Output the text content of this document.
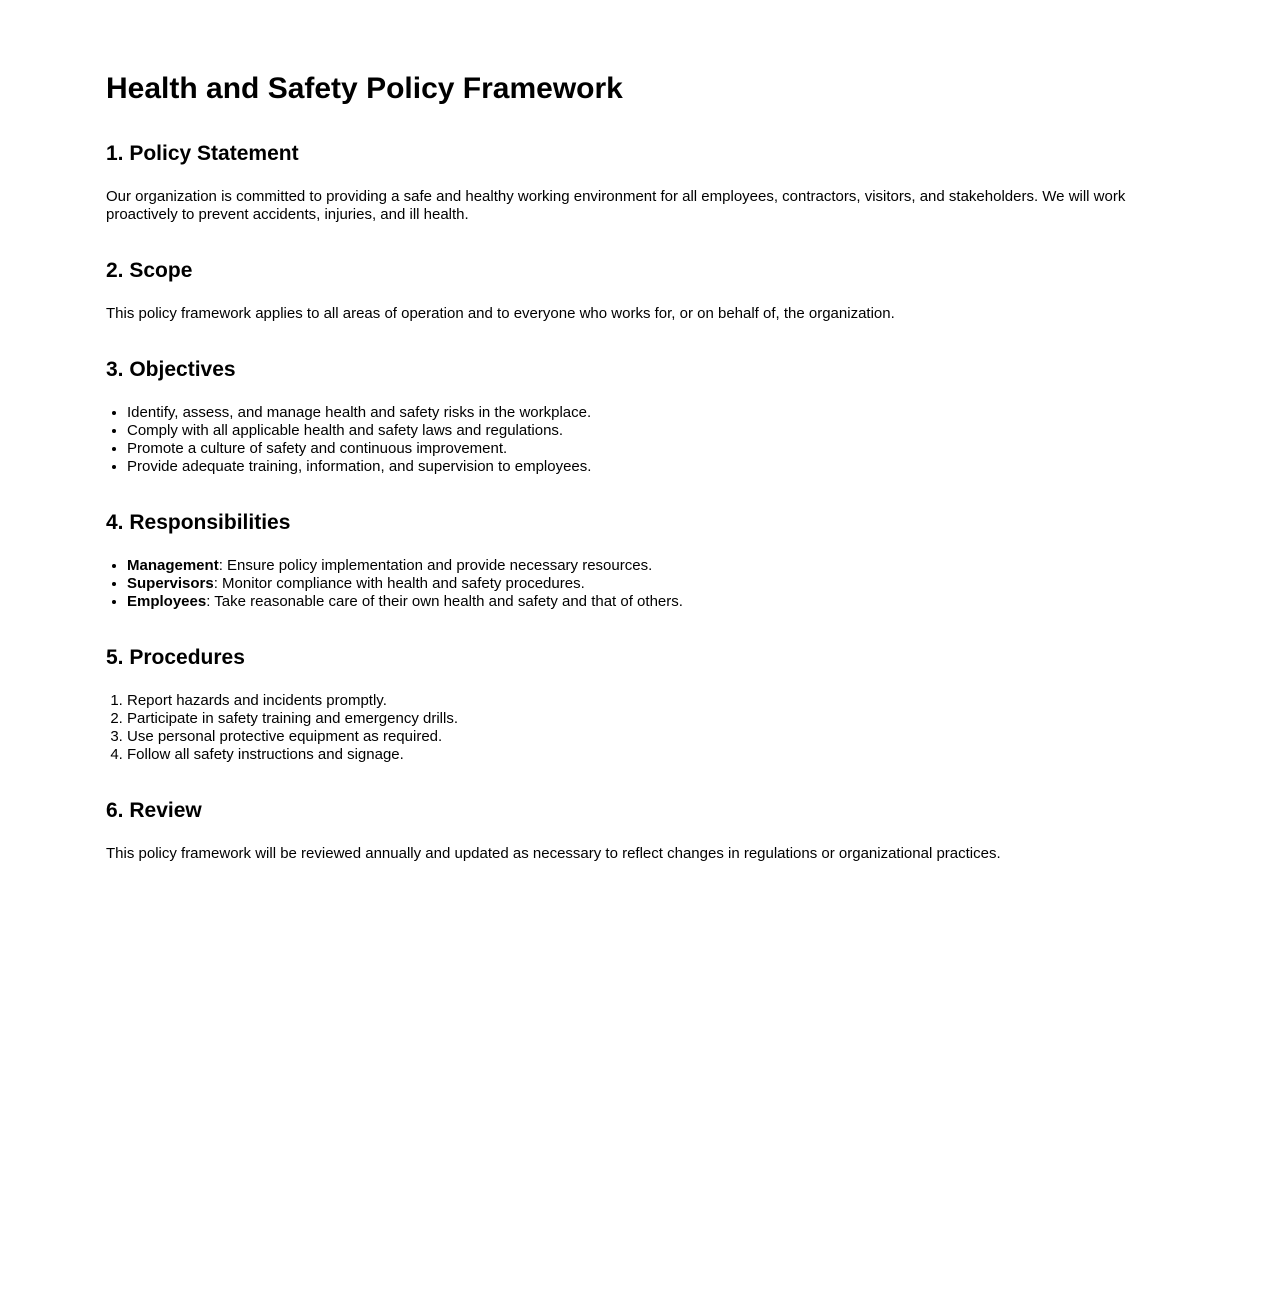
Health and Safety Policy Framework
1. Policy Statement

Our organization is committed to providing a safe and healthy working environment for all employees, contractors, visitors, and stakeholders. We will work proactively to prevent accidents, injuries, and ill health.

2. Scope

This policy framework applies to all areas of operation and to everyone who works for, or on behalf of, the organization.

3. Objectives
• Identify, assess, and manage health and safety risks in the workplace.
• Comply with all applicable health and safety laws and regulations.
• Promote a culture of safety and continuous improvement.
• Provide adequate training, information, and supervision to employees.
4. Responsibilities
• Management: Ensure policy implementation and provide necessary resources.
• Supervisors: Monitor compliance with health and safety procedures.
• Employees: Take reasonable care of their own health and safety and that of others.
5. Procedures
1. Report hazards and incidents promptly.
2. Participate in safety training and emergency drills.
3. Use personal protective equipment as required.
4. Follow all safety instructions and signage.
6. Review

This policy framework will be reviewed annually and updated as necessary to reflect changes in regulations or organizational practices.
